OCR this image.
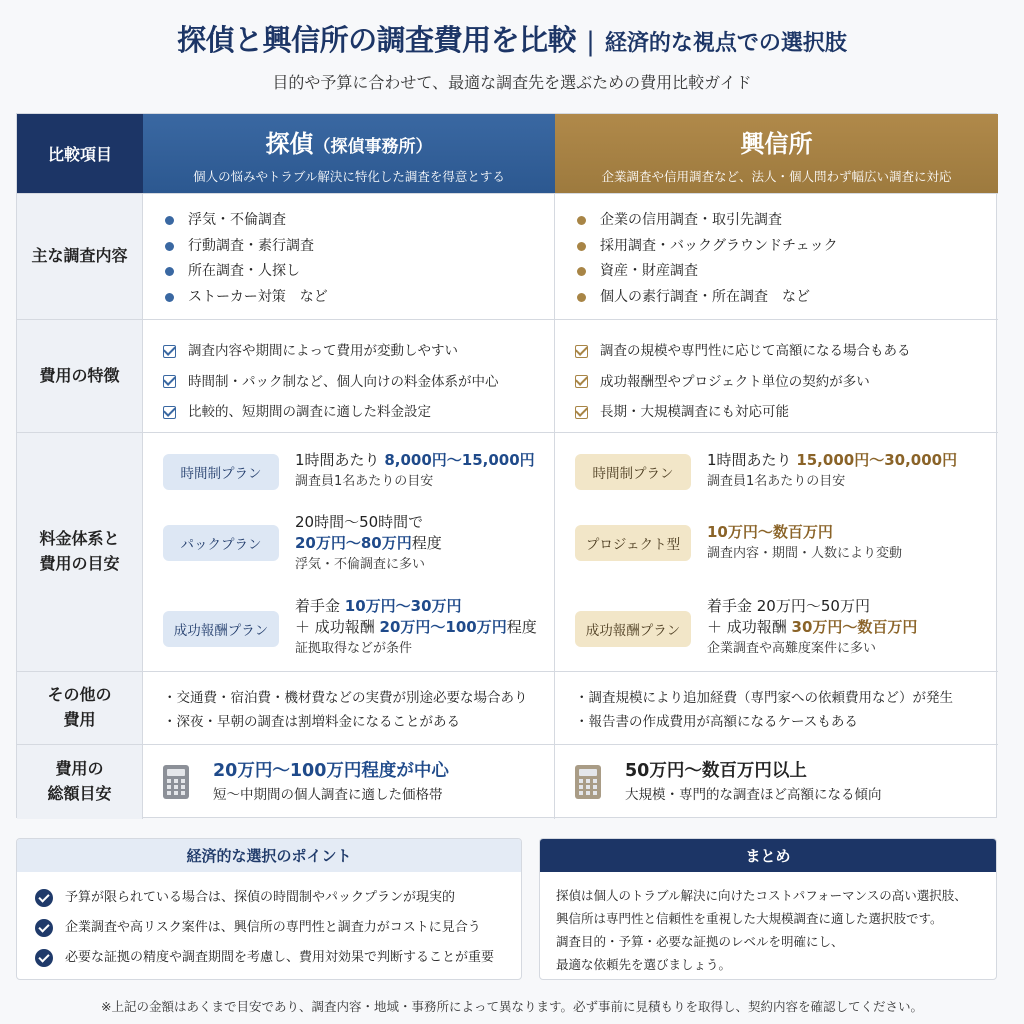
探偵と興信所の調査費用を比較 | 経済的な視点での選択肢
目的や予算に合わせて、最適な調査先を選ぶための費用比較ガイド
比較項目	探偵（探偵事務所）
個人の悩みやトラブル解決に特化した調査を得意とする
興信所
企業調査や信用調査など、法人・個人問わず幅広い調査に対応
主な調査内容
浮気・不倫調査
行動調査・素行調査
所在調査・人探し
ストーカー対策　など
企業の信用調査・取引先調査
採用調査・バックグラウンドチェック
資産・財産調査
個人の素行調査・所在調査　など
費用の特徴
調査内容や期間によって費用が変動しやすい
時間制・パック制など、個人向けの料金体系が中心
比較的、短期間の調査に適した料金設定
調査の規模や専門性に応じて高額になる場合もある
成功報酬型やプロジェクト単位の契約が多い
長期・大規模調査にも対応可能
料金体系と
費用の目安
時間制プラン
1時間あたり 8,000円〜15,000円
調査員1名あたりの目安
パックプラン
20時間〜50時間で
20万円〜80万円程度
浮気・不倫調査に多い
成功報酬プラン
着手金 10万円〜30万円
＋ 成功報酬 20万円〜100万円程度
証拠取得などが条件
時間制プラン
1時間あたり 15,000円〜30,000円
調査員1名あたりの目安
プロジェクト型
10万円〜数百万円
調査内容・期間・人数により変動
成功報酬プラン
着手金 20万円〜50万円
＋ 成功報酬 30万円〜数百万円
企業調査や高難度案件に多い
その他の
費用
・交通費・宿泊費・機材費などの実費が別途必要な場合あり
・深夜・早朝の調査は割増料金になることがある
・調査規模により追加経費（専門家への依頼費用など）が発生
・報告書の作成費用が高額になるケースもある
費用の
総額目安
20万円〜100万円程度が中心
短〜中期間の個人調査に適した価格帯
50万円〜数百万円以上
大規模・専門的な調査ほど高額になる傾向
経済的な選択のポイント
予算が限られている場合は、探偵の時間制やパックプランが現実的
企業調査や高リスク案件は、興信所の専門性と調査力がコストに見合う
必要な証拠の精度や調査期間を考慮し、費用対効果で判断することが重要
まとめ
探偵は個人のトラブル解決に向けたコストパフォーマンスの高い選択肢、
興信所は専門性と信頼性を重視した大規模調査に適した選択肢です。
調査目的・予算・必要な証拠のレベルを明確にし、
最適な依頼先を選びましょう。
※上記の金額はあくまで目安であり、調査内容・地域・事務所によって異なります。必ず事前に見積もりを取得し、契約内容を確認してください。
